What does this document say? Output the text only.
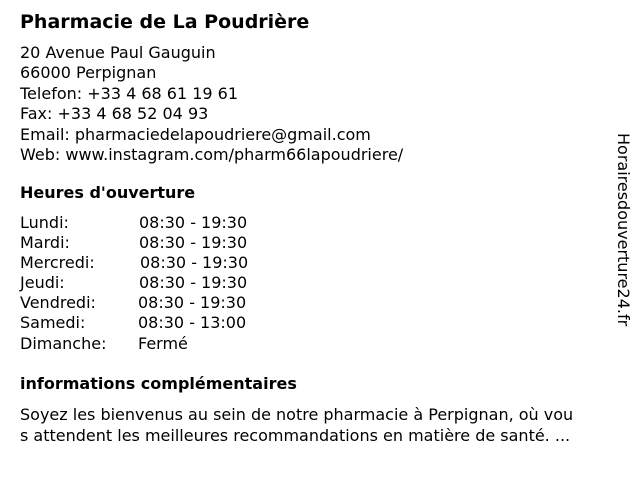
Pharmacie de La Poudrière
20 Avenue Paul Gauguin
66000 Perpignan
Telefon: +33 4 68 61 19 61
Fax: +33 4 68 52 04 93
Email: pharmaciedelapoudriere@gmail.com
Web: www.instagram.com/pharm66lapoudriere/
Heures d'ouverture
Lundi:	08:30 - 19:30
Mardi:	08:30 - 19:30
Mercredi:	08:30 - 19:30
Jeudi:	08:30 - 19:30
Vendredi:	08:30 - 19:30
Samedi:	08:30 - 13:00
Dimanche: Fermé
informations complémentaires
Soyez les bienvenus au sein de notre pharmacie à Perpignan, où vou
s attendent les meilleures recommandations en matière de santé. ...
Horairesdouverture24.fr
